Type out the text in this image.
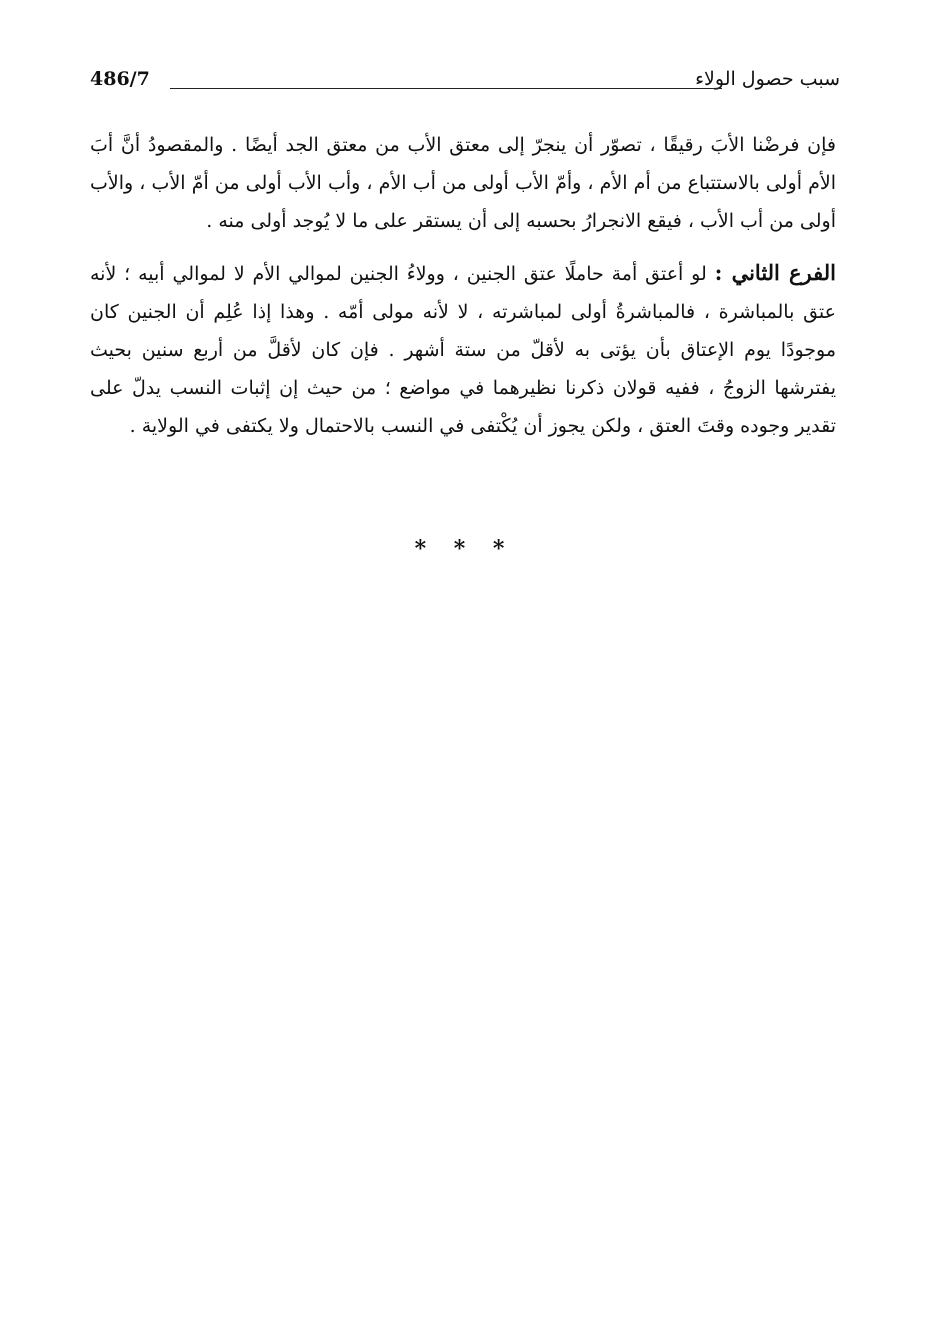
سبب حصول الولاء
486/7

فإن فرضْنا الأبَ رقيقًا ، تصوّر أن ينجرّ إلى معتق الأب من معتق الجد أيضًا . والمقصودُ أنَّ أبَ الأم أولى بالاستتباع من أم الأم ، وأمّ الأب أولى من أب الأم ، وأب الأب أولى من أمّ الأب ، والأب أولى من أب الأب ، فيقع الانجرارُ بحسبه إلى أن يستقر على ما لا يُوجد أولى منه .

الفرع الثاني : لو أعتق أمة حاملًا عتق الجنين ، وولاءُ الجنين لموالي الأم لا لموالي أبيه ؛ لأنه عتق بالمباشرة ، فالمباشرةُ أولى لمباشرته ، لا لأنه مولى أمّه . وهذا إذا عُلِم أن الجنين كان موجودًا يوم الإعتاق بأن يؤتى به لأقلّ من ستة أشهر . فإن كان لأقلَّ من أربع سنين بحيث يفترشها الزوجُ ، ففيه قولان ذكرنا نظيرهما في مواضع ؛ من حيث إن إثبات النسب يدلّ على تقدير وجوده وقتَ العتق ، ولكن يجوز أن يُكْتفى في النسب بالاحتمال ولا يكتفى في الولاية .

* * *
